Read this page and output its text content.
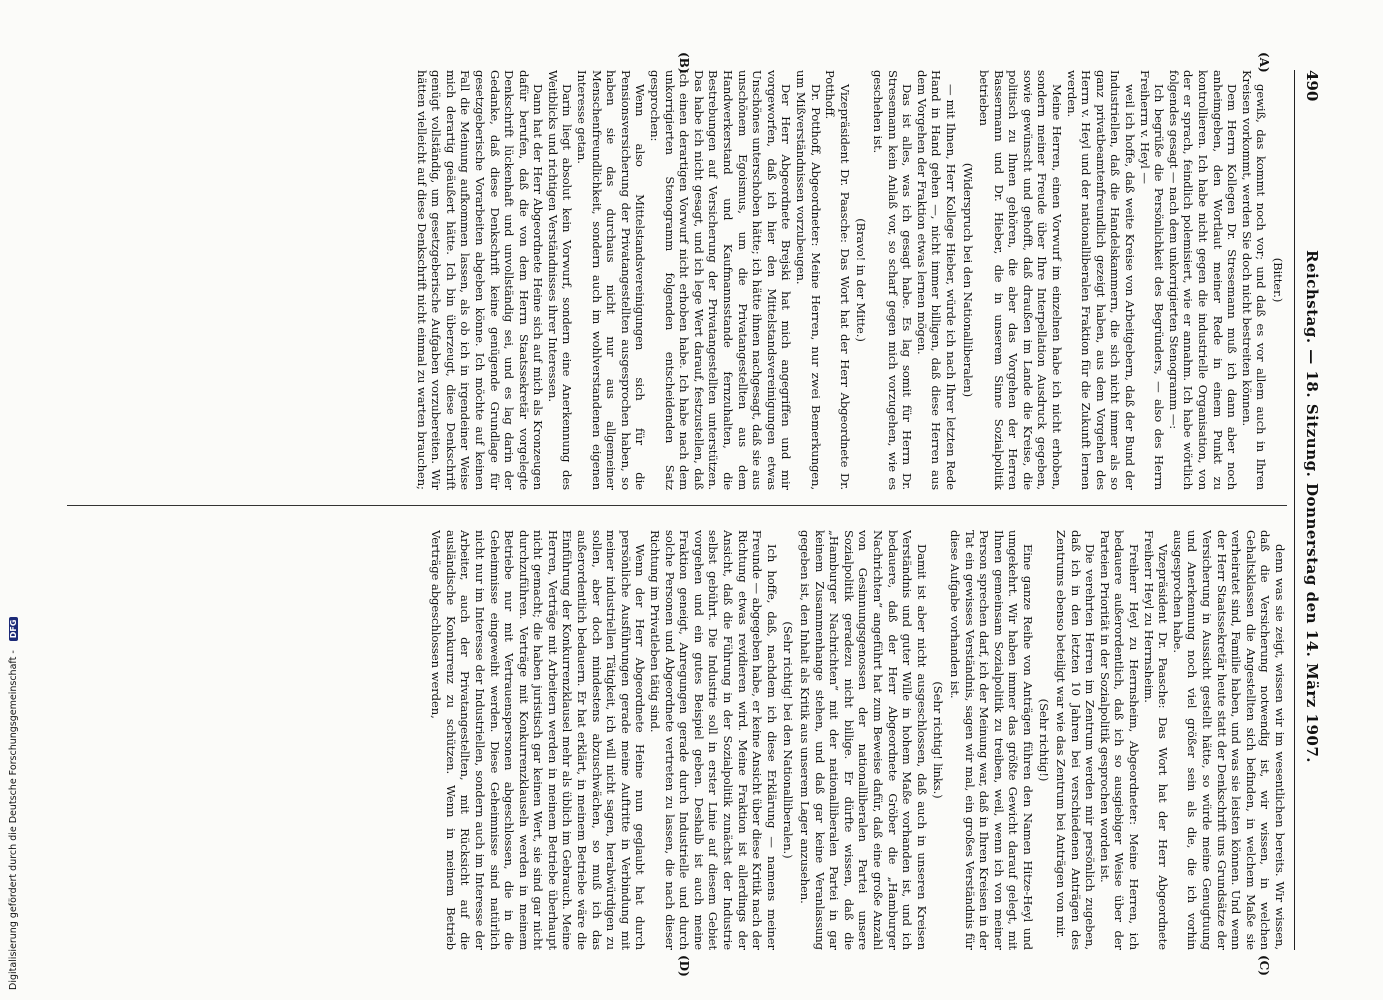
490
Reichstag. — 18. Sitzung. Donnerstag den 14. März 1907.
(A)
(B)
(C)
(D)

(Bitter.)

gewiß, das kommt noch vor; und daß es vor allem auch in Ihren Kreisen vorkommt, werden Sie doch nicht bestreiten können.

Dem Herrn Kollegen Dr. Stresemann muß ich dann aber noch anheimgeben, den Wortlaut meiner Rede in einem Punkt zu kontrollieren. Ich habe nicht gegen die industrielle Organisation, von der er sprach, feindlich polemisiert, wie er annahm. Ich habe wörtlich folgendes gesagt — nach dem unkorrigierten Stenogramm —:

Ich begrüße die Persönlichkeit des Begründers, — also des Herrn Freiherrn v. Heyl —

weil ich hoffe, daß weite Kreise von Arbeitgebern, daß der Bund der Industriellen, daß die Handelskammern, die sich nicht immer als so ganz privatbeamtenfreundlich gezeigt haben, aus dem Vorgehen des Herrn v. Heyl und der nationalliberalen Fraktion für die Zukunft lernen werden.

Meine Herren, einen Vorwurf im einzelnen habe ich nicht erhoben, sondern meiner Freude über Ihre Interpellation Ausdruck gegeben, sowie gewünscht und gehofft, daß draußen im Lande die Kreise, die politisch zu Ihnen gehören, die aber das Vorgehen der Herren Bassermann und Dr. Hieber, die in unserem Sinne Sozialpolitik betrieben

(Widerspruch bei den Nationalliberalen)

— mit Ihnen, Herr Kollege Hieber, würde ich nach Ihrer letzten Rede Hand in Hand gehen —, nicht immer billigen, daß diese Herren aus dem Vorgehen der Fraktion etwas lernen mögen.

Das ist alles, was ich gesagt habe. Es lag somit für Herrn Dr. Stresemann kein Anlaß vor, so scharf gegen mich vorzugehen, wie es geschehen ist.

(Bravo! in der Mitte.)

Vizepräsident Dr. Paasche: Das Wort hat der Herr Abgeordnete Dr. Potthoff.

Dr. Potthoff, Abgeordneter: Meine Herren, nur zwei Bemerkungen, um Mißverständnissen vorzubeugen.

Der Herr Abgeordnete Brejski hat mich angegriffen und mir vorgeworfen, daß ich hier den Mittelstandsvereinigungen etwas Unschönes unterschoben hätte; ich hätte ihnen nachgesagt, daß sie aus unschönem Egoismus, um die Privatangestellten aus dem Handwerkerstand und Kaufmannsstande fernzuhalten, die Bestrebungen auf Versicherung der Privatangestellten unterstützen. Das habe ich nicht gesagt, und ich lege Wert darauf, festzustellen, daß ich einen derartigen Vorwurf nicht erhoben habe. Ich habe nach dem unkorrigierten Stenogramm folgenden entscheidenden Satz gesprochen:

Wenn also Mittelstandsvereinigungen sich für die Pensionsversicherung der Privatangestellten ausgesprochen haben, so haben sie das durchaus nicht nur aus allgemeiner Menschenfreundlichkeit, sondern auch im wohlverstandenen eigenen Interesse getan.

Darin liegt absolut kein Vorwurf, sondern eine Anerkennung des Weitblicks und richtigen Verständnisses ihrer Interessen.

Dann hat der Herr Abgeordnete Heine sich auf mich als Kronzeugen dafür berufen, daß die von dem Herrn Staatssekretär vorgelegte Denkschrift lückenhaft und unvollständig sei, und es lag darin der Gedanke, daß diese Denkschrift keine genügende Grundlage für gesetzgeberische Vorarbeiten abgeben könne. Ich möchte auf keinen Fall die Meinung aufkommen lassen, als ob ich in irgendeiner Weise mich derartig geäußert hätte. Ich bin überzeugt, diese Denkschrift genügt vollständig, um gesetzgeberische Aufgaben vorzubereiten. Wir hätten vielleicht auf diese Denkschrift nicht einmal zu warten brauchen;

denn was sie zeigt, wissen wir im wesentlichen bereits. Wir wissen, daß die Versicherung notwendig ist, wir wissen, in welchen Gehaltsklassen die Angestellten sich befinden, in welchem Maße sie verheiratet sind, Familie haben, und was sie leisten können. Und wenn der Herr Staatssekretär heute statt der Denkschrift uns Grundsätze der Versicherung in Aussicht gestellt hätte, so würde meine Genugtuung und Anerkennung noch viel größer sein als die, die ich vorhin ausgesprochen habe.

Vizepräsident Dr. Paasche: Das Wort hat der Herr Abgeordnete Freiherr Heyl zu Herrnsheim.

Freiherr Heyl zu Herrnsheim, Abgeordneter: Meine Herren, ich bedauere außerordentlich, daß ich so ausgiebiger Weise über der Parteien Priorität in der Sozialpolitik gesprochen worden ist.

Die verehrten Herren im Zentrum werden mir persönlich zugeben, daß ich in den letzten 10 Jahren bei verschiedenen Anträgen des Zentrums ebenso beteiligt war wie das Zentrum bei Anträgen von mir.

(Sehr richtig!)

Eine ganze Reihe von Anträgen führen den Namen Hitze-Heyl und umgekehrt. Wir haben immer das größte Gewicht darauf gelegt, mit Ihnen gemeinsam Sozialpolitik zu treiben, weil, wenn ich von meiner Person sprechen darf, ich der Meinung war, daß in Ihren Kreisen in der Tat ein gewisses Verständnis, sagen wir mal, ein großes Verständnis für diese Aufgabe vorhanden ist.

(Sehr richtig! links.)

Damit ist aber nicht ausgeschlossen, daß auch in unseren Kreisen Verständnis und guter Wille in hohem Maße vorhanden ist, und ich bedauere, daß der Herr Abgeordnete Gröber die „Hamburger Nachrichten“ angeführt hat zum Beweise dafür, daß eine große Anzahl von Gesinnungsgenossen der nationalliberalen Partei unsere Sozialpolitik geradezu nicht billige. Er dürfte wissen, daß die „Hamburger Nachrichten“ mit der nationalliberalen Partei in gar keinem Zusammenhange stehen, und daß gar keine Veranlassung gegeben ist, den Inhalt als Kritik aus unserem Lager anzusehen.

(Sehr richtig! bei den Nationalliberalen.)

Ich hoffe, daß, nachdem ich diese Erklärung — namens meiner Freunde — abgegeben habe, er keine Ansicht über diese Kritik nach der Richtung etwas revidieren wird. Meine Fraktion ist allerdings der Ansicht, daß die Führung in der Sozialpolitik zunächst der Industrie selbst gebührt. Die Industrie soll in erster Linie auf diesem Gebiet vorgehen und ein gutes Beispiel geben. Deshalb ist auch meine Fraktion geneigt, Anregungen gerade durch Industrielle und durch solche Personen und Abgeordnete vertreten zu lassen, die nach dieser Richtung im Privatleben tätig sind.

Wenn der Herr Abgeordnete Heine nun geglaubt hat durch persönliche Ausführungen gerade meine Auftritte in Verbindung mit meiner industriellen Tätigkeit, ich will nicht sagen, herabwürdigen zu sollen, aber doch mindestens abzuschwächen, so muß ich das außerordentlich bedauern. Er hat erklärt, in meinem Betriebe wäre die Einführung der Konkurrenzklausel mehr als üblich im Gebrauch. Meine Herren, Verträge mit Arbeitern werden in meinem Betriebe überhaupt nicht gemacht; die haben juristisch gar keinen Wert, sie sind gar nicht durchzuführen. Verträge mit Konkurrenzklauseln werden in meinem Betriebe nur mit Vertrauenspersonen abgeschlossen, die in die Geheimnisse eingeweiht werden. Diese Geheimnisse sind natürlich nicht nur im Interesse der Industriellen, sondern auch im Interesse der Arbeiter, auch der Privatangestellten, mit Rücksicht auf die ausländische Konkurrenz zu schützen. Wenn in meinem Betrieb Verträge abgeschlossen werden,

Digitalisierung gefördert durch die Deutsche Forschungsgemeinschaft - DFG
